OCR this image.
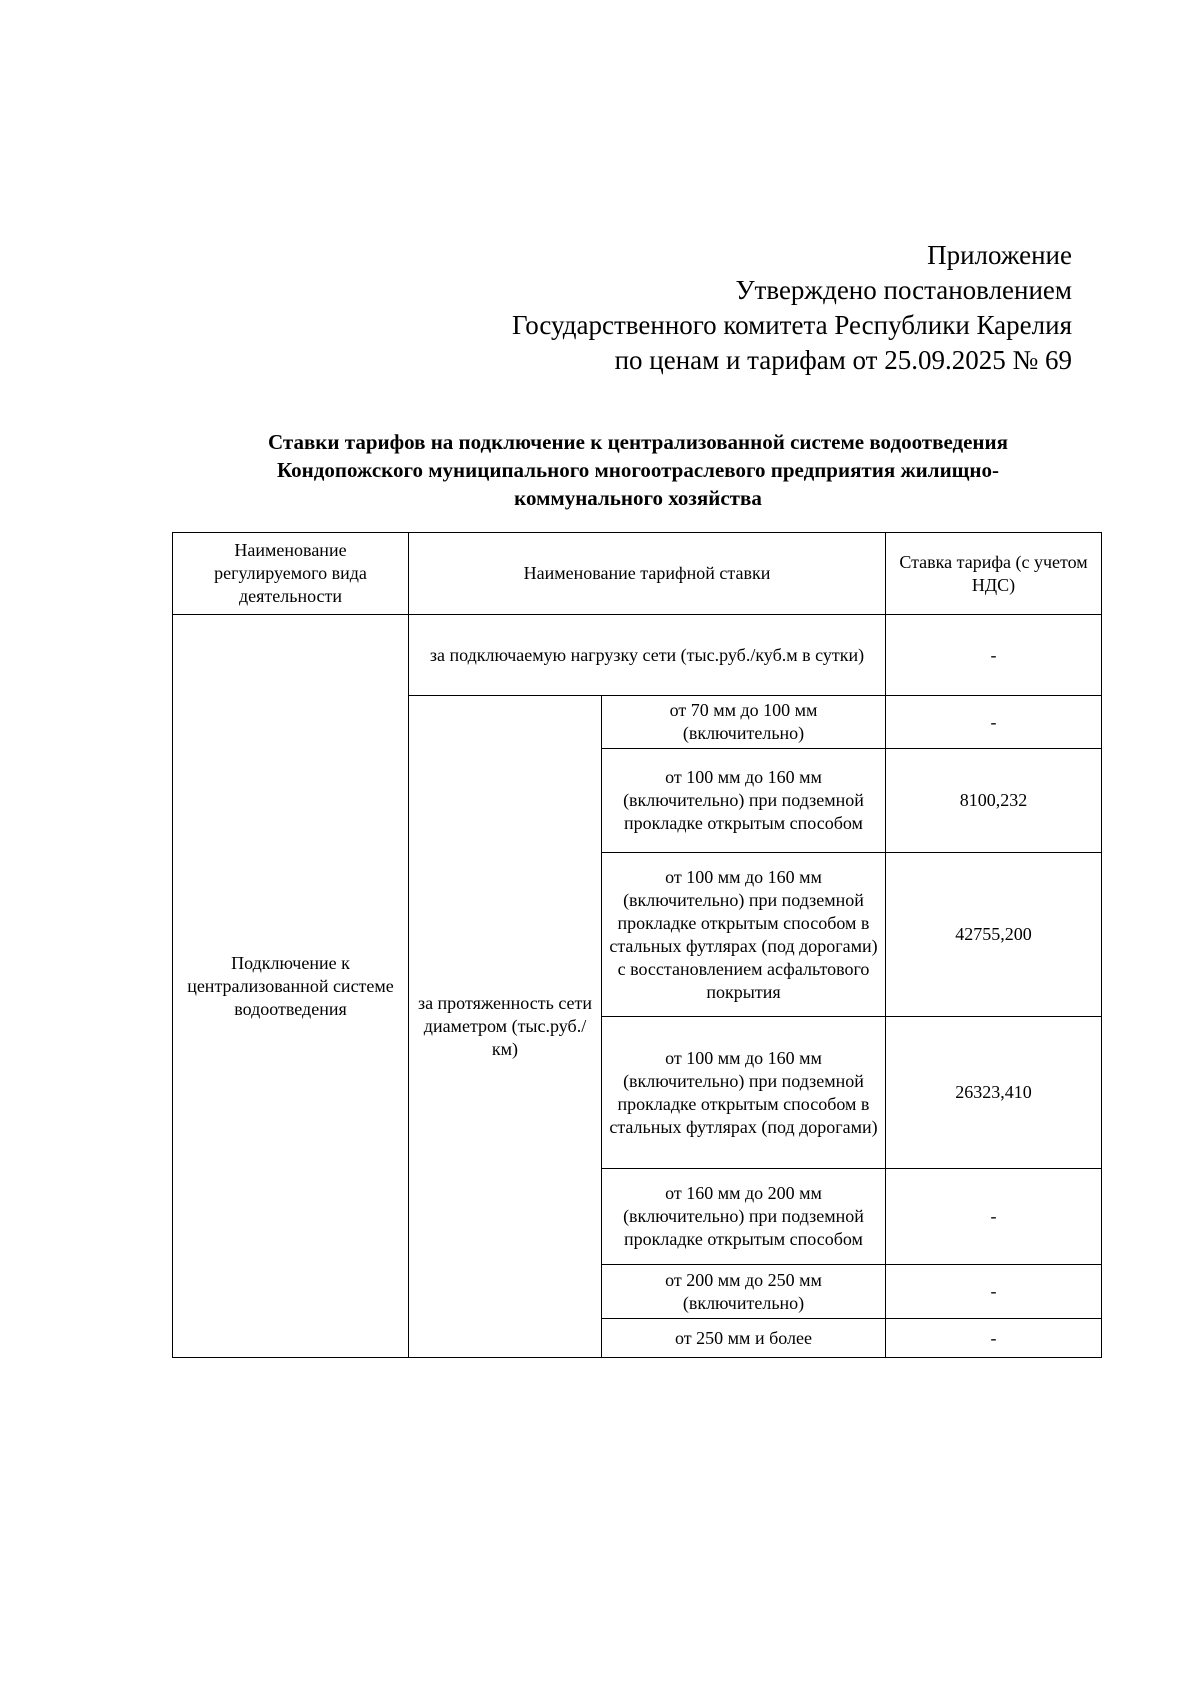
Приложение
Утверждено постановлением
Государственного комитета Республики Карелия
по ценам и тарифам от 25.09.2025 № 69
Ставки тарифов на подключение к централизованной системе водоотведения
Кондопожского муниципального многоотраслевого предприятия жилищно-
коммунального хозяйства
Наименование регулируемого вида деятельности	Наименование тарифной ставки		Ставка тарифа (с учетом НДС)
Подключение к централизованной системе водоотведения	за подключаемую нагрузку сети (тыс.руб./куб.м в сутки)		-
	за протяженность сети диаметром (тыс.руб./км)	от 70 мм до 100 мм (включительно)	-
		от 100 мм до 160 мм (включительно) при подземной прокладке открытым способом	8100,232
		от 100 мм до 160 мм (включительно) при подземной прокладке открытым способом в стальных футлярах (под дорогами) с восстановлением асфальтового покрытия	42755,200
		от 100 мм до 160 мм (включительно) при подземной прокладке открытым способом в стальных футлярах (под дорогами)	26323,410
		от 160 мм до 200 мм (включительно) при подземной прокладке открытым способом	-
		от 200 мм до 250 мм (включительно)	-
		от 250 мм и более	-
